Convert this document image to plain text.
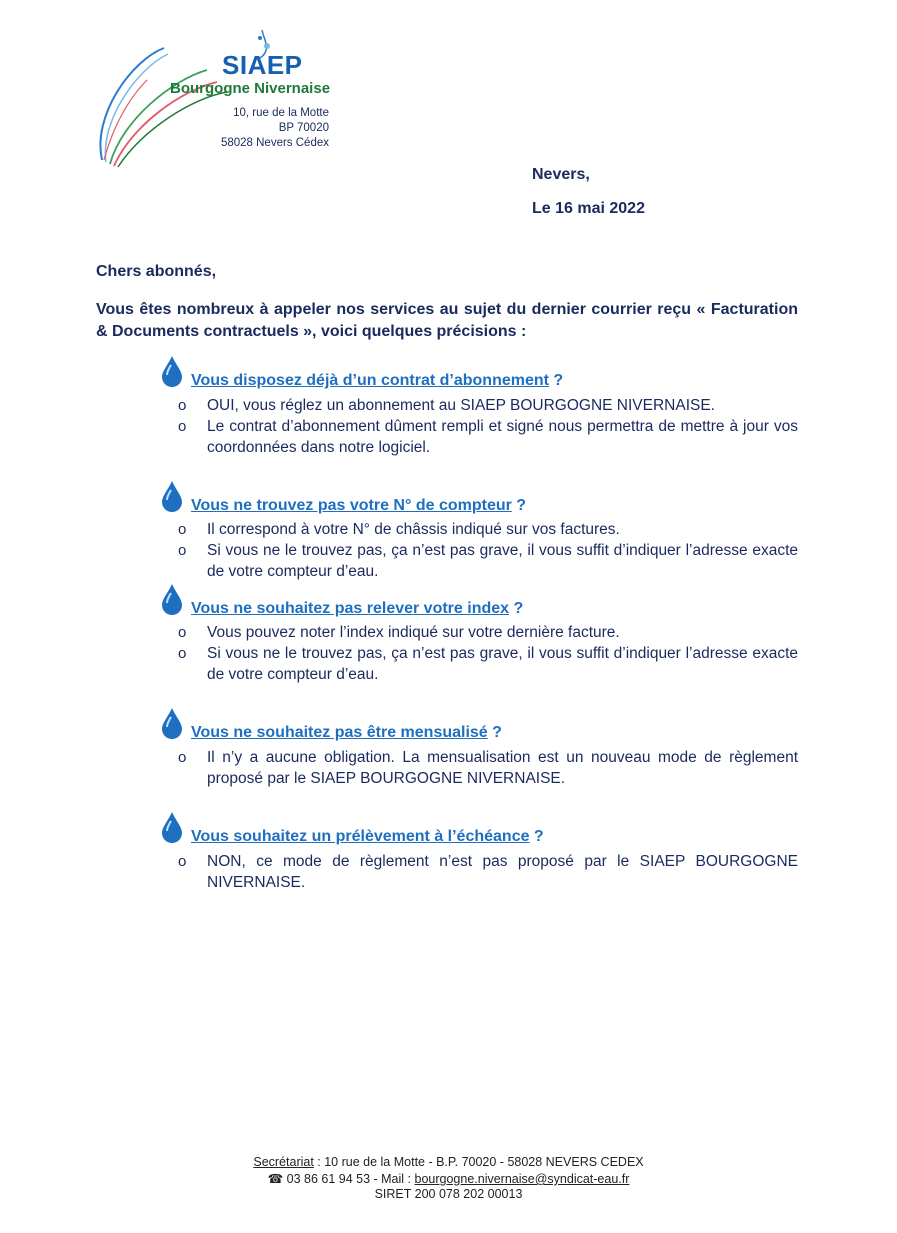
SIAEP
Bourgogne Nivernaise
10, rue de la Motte
BP 70020
58028 Nevers Cédex
Nevers,
Le 16 mai 2022
Chers abonnés,
Vous êtes nombreux à appeler nos services au sujet du dernier courrier reçu « Facturation & Documents contractuels », voici quelques précisions :
Vous disposez déjà d’un contrat d’abonnement ?
o OUI, vous réglez un abonnement au SIAEP BOURGOGNE NIVERNAISE.
o Le contrat d’abonnement dûment rempli et signé nous permettra de mettre à jour vos coordonnées dans notre logiciel.
Vous ne trouvez pas votre N° de compteur ?
o Il correspond à votre N° de châssis indiqué sur vos factures.
o Si vous ne le trouvez pas, ça n’est pas grave, il vous suffit d’indiquer l’adresse exacte de votre compteur d’eau.
Vous ne souhaitez pas relever votre index ?
o Vous pouvez noter l’index indiqué sur votre dernière facture.
o Si vous ne le trouvez pas, ça n’est pas grave, il vous suffit d’indiquer l’adresse exacte de votre compteur d’eau.
Vous ne souhaitez pas être mensualisé ?
o Il n’y a aucune obligation. La mensualisation est un nouveau mode de règlement proposé par le SIAEP BOURGOGNE NIVERNAISE.
Vous souhaitez un prélèvement à l’échéance ?
o NON, ce mode de règlement n’est pas proposé par le SIAEP BOURGOGNE NIVERNAISE.
Secrétariat : 10 rue de la Motte - B.P. 70020 - 58028 NEVERS CEDEX
☎ 03 86 61 94 53 - Mail : bourgogne.nivernaise@syndicat-eau.fr
SIRET 200 078 202 00013
